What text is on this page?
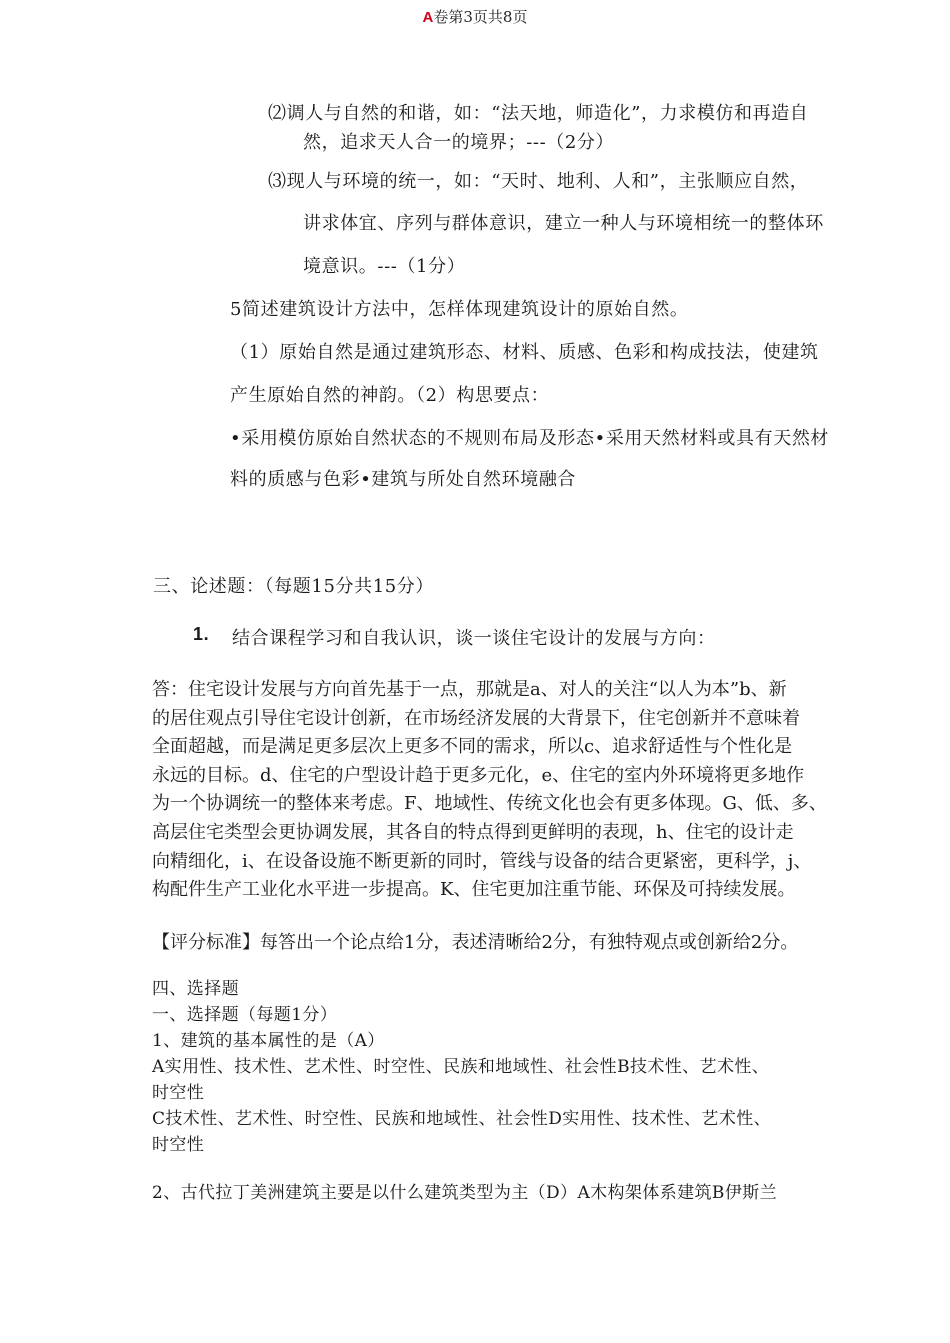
A卷第3页共8页

⑵调人与自然的和谐，如：“法天地，师造化”，力求模仿和再造自

然，追求天人合一的境界；---（2分）

⑶现人与环境的统一，如：“天时、地利、人和”，主张顺应自然，

讲求体宜、序列与群体意识，建立一种人与环境相统一的整体环

境意识。---（1分）

5简述建筑设计方法中，怎样体现建筑设计的原始自然。

（1）原始自然是通过建筑形态、材料、质感、色彩和构成技法，使建筑

产生原始自然的神韵。（2）构思要点：

•采用模仿原始自然状态的不规则布局及形态•采用天然材料或具有天然材

料的质感与色彩•建筑与所处自然环境融合

三、论述题：（每题15分共15分）

1. 结合课程学习和自我认识，谈一谈住宅设计的发展与方向：

答：住宅设计发展与方向首先基于一点，那就是a、对人的关注“以人为本”b、新
的居住观点引导住宅设计创新，在市场经济发展的大背景下，住宅创新并不意味着
全面超越，而是满足更多层次上更多不同的需求，所以c、追求舒适性与个性化是
永远的目标。d、住宅的户型设计趋于更多元化，e、住宅的室内外环境将更多地作
为一个协调统一的整体来考虑。F、地域性、传统文化也会有更多体现。G、低、多、
高层住宅类型会更协调发展，其各自的特点得到更鲜明的表现，h、住宅的设计走
向精细化，i、在设备设施不断更新的同时，管线与设备的结合更紧密，更科学，j、
构配件生产工业化水平进一步提高。K、住宅更加注重节能、环保及可持续发展。

【评分标准】每答出一个论点给1分，表述清晰给2分，有独特观点或创新给2分。

四、选择题
一、选择题（每题1分）
1、建筑的基本属性的是（A）
A实用性、技术性、艺术性、时空性、民族和地域性、社会性B技术性、艺术性、
时空性
C技术性、艺术性、时空性、民族和地域性、社会性D实用性、技术性、艺术性、
时空性

2、古代拉丁美洲建筑主要是以什么建筑类型为主（D）A木构架体系建筑B伊斯兰
